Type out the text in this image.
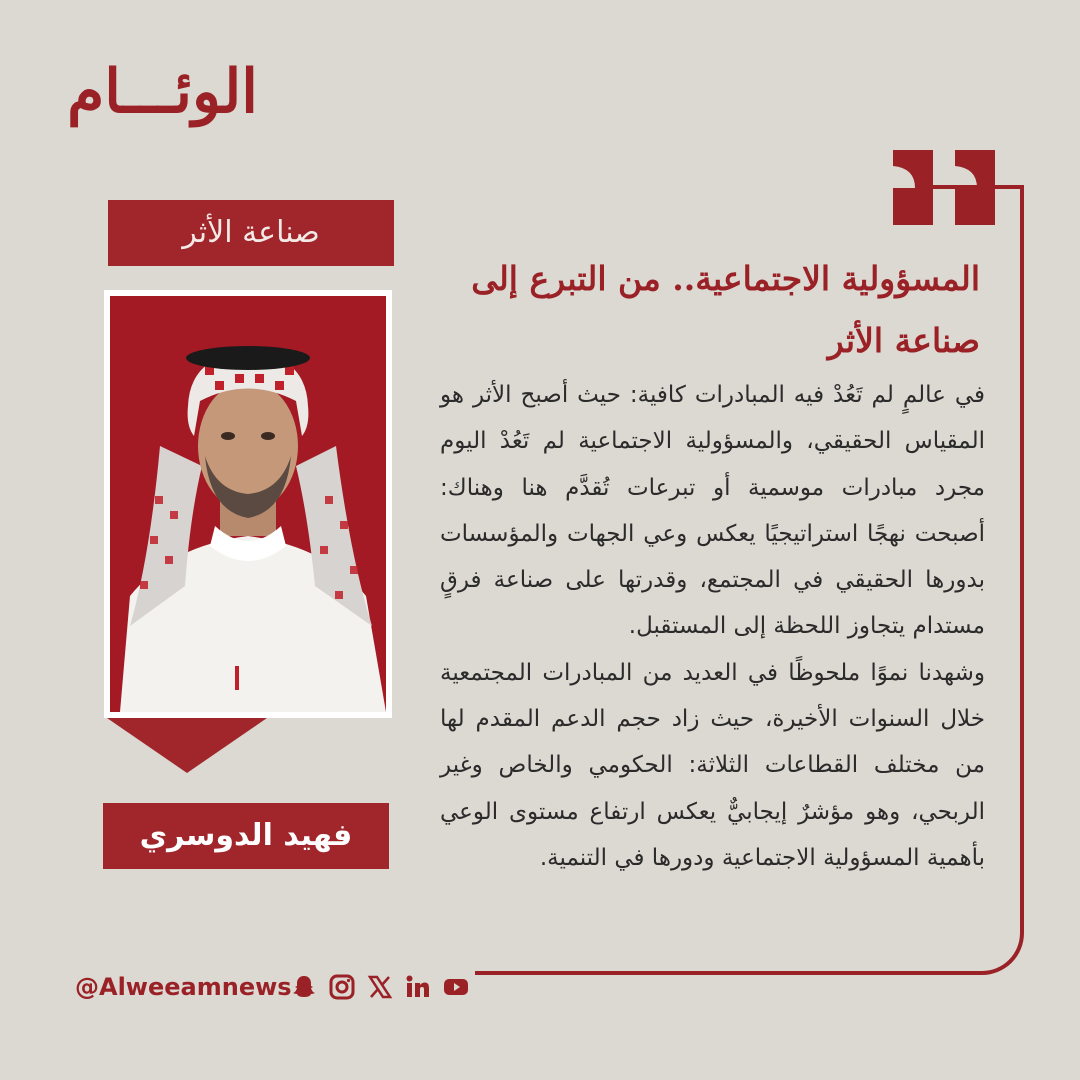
الوئـــام
صناعة الأثر
فهيد الدوسري
المسؤولية الاجتماعية.. من التبرع إلى صناعة الأثر

في عالمٍ لم تَعُدْ فيه المبادرات كافية: حيث أصبح الأثر هو المقياس الحقيقي، والمسؤولية الاجتماعية لم تَعُدْ اليوم مجرد مبادرات موسمية أو تبرعات تُقدَّم هنا وهناك: أصبحت نهجًا استراتيجيًا يعكس وعي الجهات والمؤسسات بدورها الحقيقي في المجتمع، وقدرتها على صناعة فرقٍ مستدام يتجاوز اللحظة إلى المستقبل.

وشهدنا نموًا ملحوظًا في العديد من المبادرات المجتمعية خلال السنوات الأخيرة، حيث زاد حجم الدعم المقدم لها من مختلف القطاعات الثلاثة: الحكومي والخاص وغير الربحي، وهو مؤشرٌ إيجابيٌّ يعكس ارتفاع مستوى الوعي بأهمية المسؤولية الاجتماعية ودورها في التنمية.

@Alweeamnews
